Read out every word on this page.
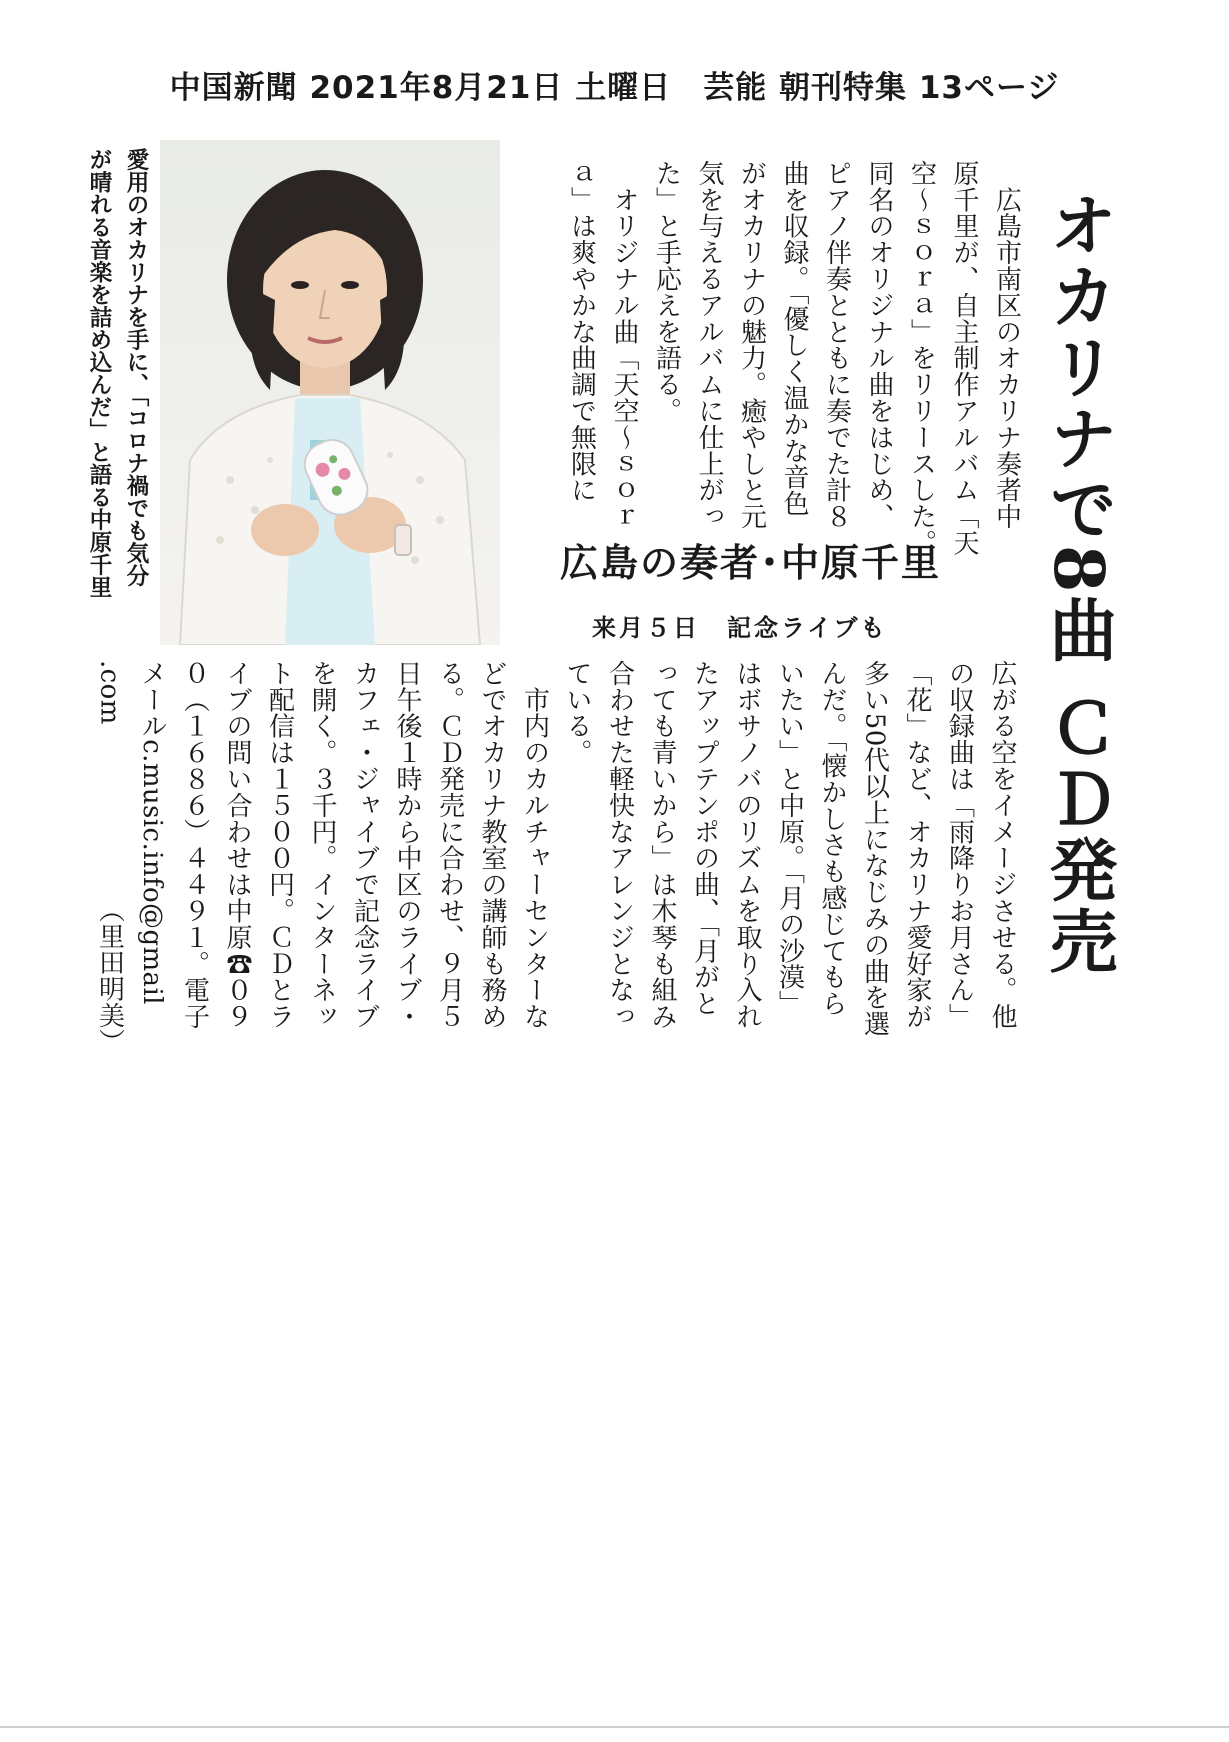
中国新聞 2021年8月21日 土曜日　芸能 朝刊特集 13ページ
オカリナで8曲 ＣＤ発売
　広島市南区のオカリナ奏者中
原千里が、自主制作アルバム「天
空～ｓｏｒａ」をリリースした。
同名のオリジナル曲をはじめ、
ピアノ伴奏とともに奏でた計８
曲を収録。「優しく温かな音色
がオカリナの魅力。癒やしと元
気を与えるアルバムに仕上がっ
た」と手応えを語る。
　オリジナル曲「天空～ｓｏｒ
ａ」は爽やかな曲調で無限に
広島の奏者･中原千里
来月５日　記念ライブも
広がる空をイメージさせる。他
の収録曲は「雨降りお月さん」
「花」など、オカリナ愛好家が
多い50代以上になじみの曲を選
んだ。「懐かしさも感じてもら
いたい」と中原。「月の沙漠」
はボサノバのリズムを取り入れ
たアップテンポの曲、「月がと
っても青いから」は木琴も組み
合わせた軽快なアレンジとなっ
ている。
　市内のカルチャーセンターな
どでオカリナ教室の講師も務め
る。ＣＤ発売に合わせ、９月５
日午後１時から中区のライブ・
カフェ・ジャイブで記念ライブ
を開く。３千円。インターネッ
ト配信は１５００円。ＣＤとラ
イブの問い合わせは中原☎０９
０（１６８６）４４９１。電子
メールc.music.info@gmail
.com　　　　　　　（里田明美）
愛用のオカリナを手に、「コロナ禍でも気分
が晴れる音楽を詰め込んだ」と語る中原千里
